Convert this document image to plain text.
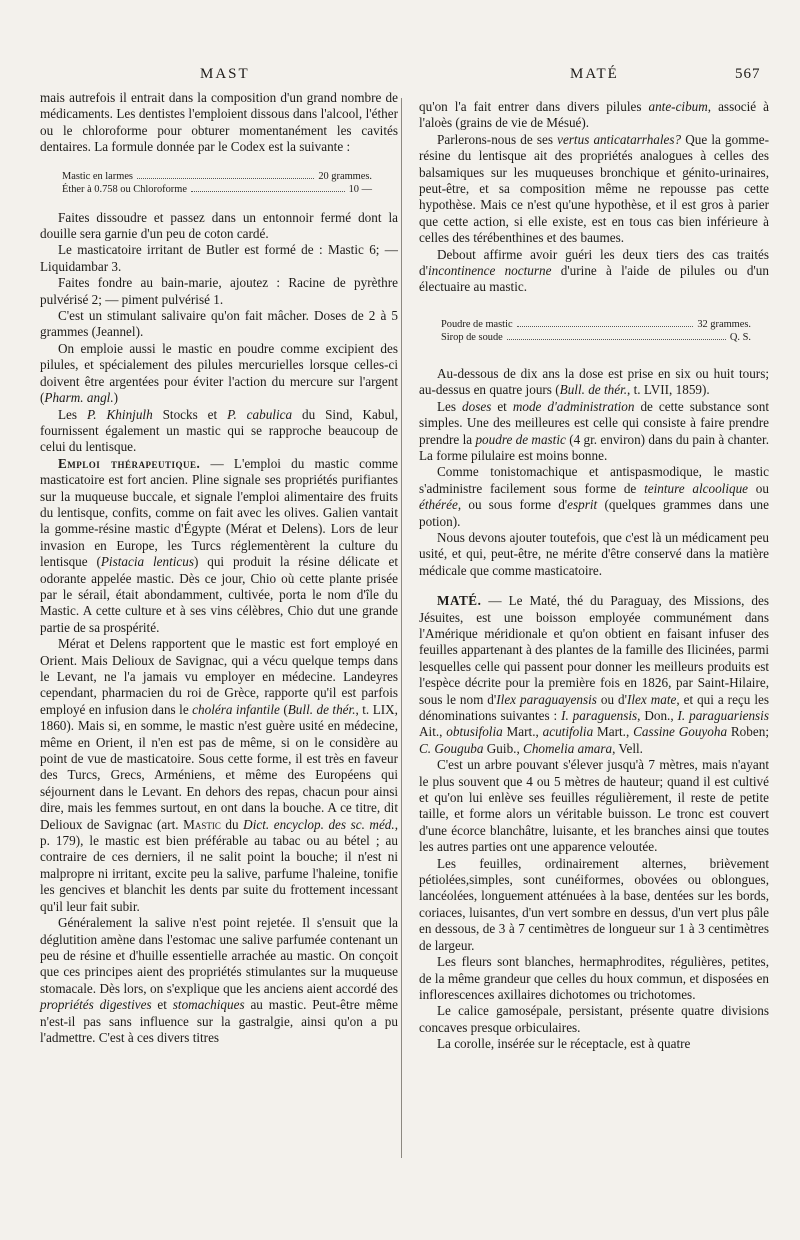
MAST	MATÉ	567

mais autrefois il entrait dans la composition d'un grand nombre de médicaments. Les dentistes l'emploient dissous dans l'alcool, l'éther ou le chloroforme pour obturer momentanément les cavités dentaires. La formule donnée par le Codex est la suivante :

Mastic en larmes	20 grammes.
Éther à 0.758 ou Chloroforme	10 —

Faites dissoudre et passez dans un entonnoir fermé dont la douille sera garnie d'un peu de coton cardé.

Le masticatoire irritant de Butler est formé de : Mastic 6; — Liquidambar 3.

Faites fondre au bain-marie, ajoutez : Racine de pyrèthre pulvérisé 2; — piment pulvérisé 1.

C'est un stimulant salivaire qu'on fait mâcher. Doses de 2 à 5 grammes (Jeannel).

On emploie aussi le mastic en poudre comme excipient des pilules, et spécialement des pilules mercurielles lorsque celles-ci doivent être argentées pour éviter l'action du mercure sur l'argent (Pharm. angl.)

Les P. Khinjulh Stocks et P. cabulica du Sind, Kabul, fournissent également un mastic qui se rapproche beaucoup de celui du lentisque.

Emploi thérapeutique. — L'emploi du mastic comme masticatoire est fort ancien. Pline signale ses propriétés purifiantes sur la muqueuse buccale, et signale l'emploi alimentaire des fruits du lentisque, confits, comme on fait avec les olives. Galien vantait la gomme-résine mastic d'Égypte (Mérat et Delens). Lors de leur invasion en Europe, les Turcs réglementèrent la culture du lentisque (Pistacia lenticus) qui produit la résine délicate et odorante appelée mastic. Dès ce jour, Chio où cette plante prisée par le sérail, était abondamment, cultivée, porta le nom d'île du Mastic. A cette culture et à ses vins célèbres, Chio dut une grande partie de sa prospérité.

Mérat et Delens rapportent que le mastic est fort employé en Orient. Mais Delioux de Savignac, qui a vécu quelque temps dans le Levant, ne l'a jamais vu employer en médecine. Landeyres cependant, pharmacien du roi de Grèce, rapporte qu'il est parfois employé en infusion dans le choléra infantile (Bull. de thér., t. LIX, 1860). Mais si, en somme, le mastic n'est guère usité en médecine, même en Orient, il n'en est pas de même, si on le considère au point de vue de masticatoire. Sous cette forme, il est très en faveur des Turcs, Grecs, Arméniens, et même des Européens qui séjournent dans le Levant. En dehors des repas, chacun pour ainsi dire, mais les femmes surtout, en ont dans la bouche. A ce titre, dit Delioux de Savignac (art. Mastic du Dict. encyclop. des sc. méd., p. 179), le mastic est bien préférable au tabac ou au bétel ; au contraire de ces derniers, il ne salit point la bouche; il n'est ni malpropre ni irritant, excite peu la salive, parfume l'haleine, tonifie les gencives et blanchit les dents par suite du frottement incessant qu'il leur fait subir.

Généralement la salive n'est point rejetée. Il s'ensuit que la déglutition amène dans l'estomac une salive parfumée contenant un peu de résine et d'huille essentielle arrachée au mastic. On conçoit que ces principes aient des propriétés stimulantes sur la muqueuse stomacale. Dès lors, on s'explique que les anciens aient accordé des propriétés digestives et stomachiques au mastic. Peut-être même n'est-il pas sans influence sur la gastralgie, ainsi qu'on a pu l'admettre. C'est à ces divers titres

qu'on l'a fait entrer dans divers pilules ante-cibum, associé à l'aloès (grains de vie de Mésué).

Parlerons-nous de ses vertus anticatarrhales? Que la gomme-résine du lentisque ait des propriétés analogues à celles des balsamiques sur les muqueuses bronchique et génito-urinaires, peut-être, et sa composition même ne repousse pas cette hypothèse. Mais ce n'est qu'une hypothèse, et il est gros à parier que cette action, si elle existe, est en tous cas bien inférieure à celles des térébenthines et des baumes.

Debout affirme avoir guéri les deux tiers des cas traités d'incontinence nocturne d'urine à l'aide de pilules ou d'un électuaire au mastic.

Poudre de mastic	32 grammes.
Sirop de soude	Q. S.

Au-dessous de dix ans la dose est prise en six ou huit tours; au-dessus en quatre jours (Bull. de thér., t. LVII, 1859).

Les doses et mode d'administration de cette substance sont simples. Une des meilleures est celle qui consiste à faire prendre prendre la poudre de mastic (4 gr. environ) dans du pain à chanter. La forme pilulaire est moins bonne.

Comme tonistomachique et antispasmodique, le mastic s'administre facilement sous forme de teinture alcoolique ou éthérée, ou sous forme d'esprit (quelques grammes dans une potion).

Nous devons ajouter toutefois, que c'est là un médicament peu usité, et qui, peut-être, ne mérite d'être conservé dans la matière médicale que comme masticatoire.

MATÉ. — Le Maté, thé du Paraguay, des Missions, des Jésuites, est une boisson employée communément dans l'Amérique méridionale et qu'on obtient en faisant infuser des feuilles appartenant à des plantes de la famille des Ilicinées, parmi lesquelles celle qui passent pour donner les meilleurs produits est l'espèce décrite pour la première fois en 1826, par Saint-Hilaire, sous le nom d'Ilex paraguayensis ou d'Ilex mate, et qui a reçu les dénominations suivantes : I. paraguensis, Don., I. paraguariensis Ait., obtusifolia Mart., acutifolia Mart., Cassine Gouyoha Roben; C. Gouguba Guib., Chomelia amara, Vell.

C'est un arbre pouvant s'élever jusqu'à 7 mètres, mais n'ayant le plus souvent que 4 ou 5 mètres de hauteur; quand il est cultivé et qu'on lui enlève ses feuilles régulièrement, il reste de petite taille, et forme alors un véritable buisson. Le tronc est couvert d'une écorce blanchâtre, luisante, et les branches ainsi que toutes les autres parties ont une apparence veloutée.

Les feuilles, ordinairement alternes, brièvement pétiolées,simples, sont cunéiformes, obovées ou oblongues, lancéolées, longuement atténuées à la base, dentées sur les bords, coriaces, luisantes, d'un vert sombre en dessus, d'un vert plus pâle en dessous, de 3 à 7 centimètres de longueur sur 1 à 3 centimètres de largeur.

Les fleurs sont blanches, hermaphrodites, régulières, petites, de la même grandeur que celles du houx commun, et disposées en inflorescences axillaires dichotomes ou trichotomes.

Le calice gamosépale, persistant, présente quatre divisions concaves presque orbiculaires.

La corolle, insérée sur le réceptacle, est à quatre
